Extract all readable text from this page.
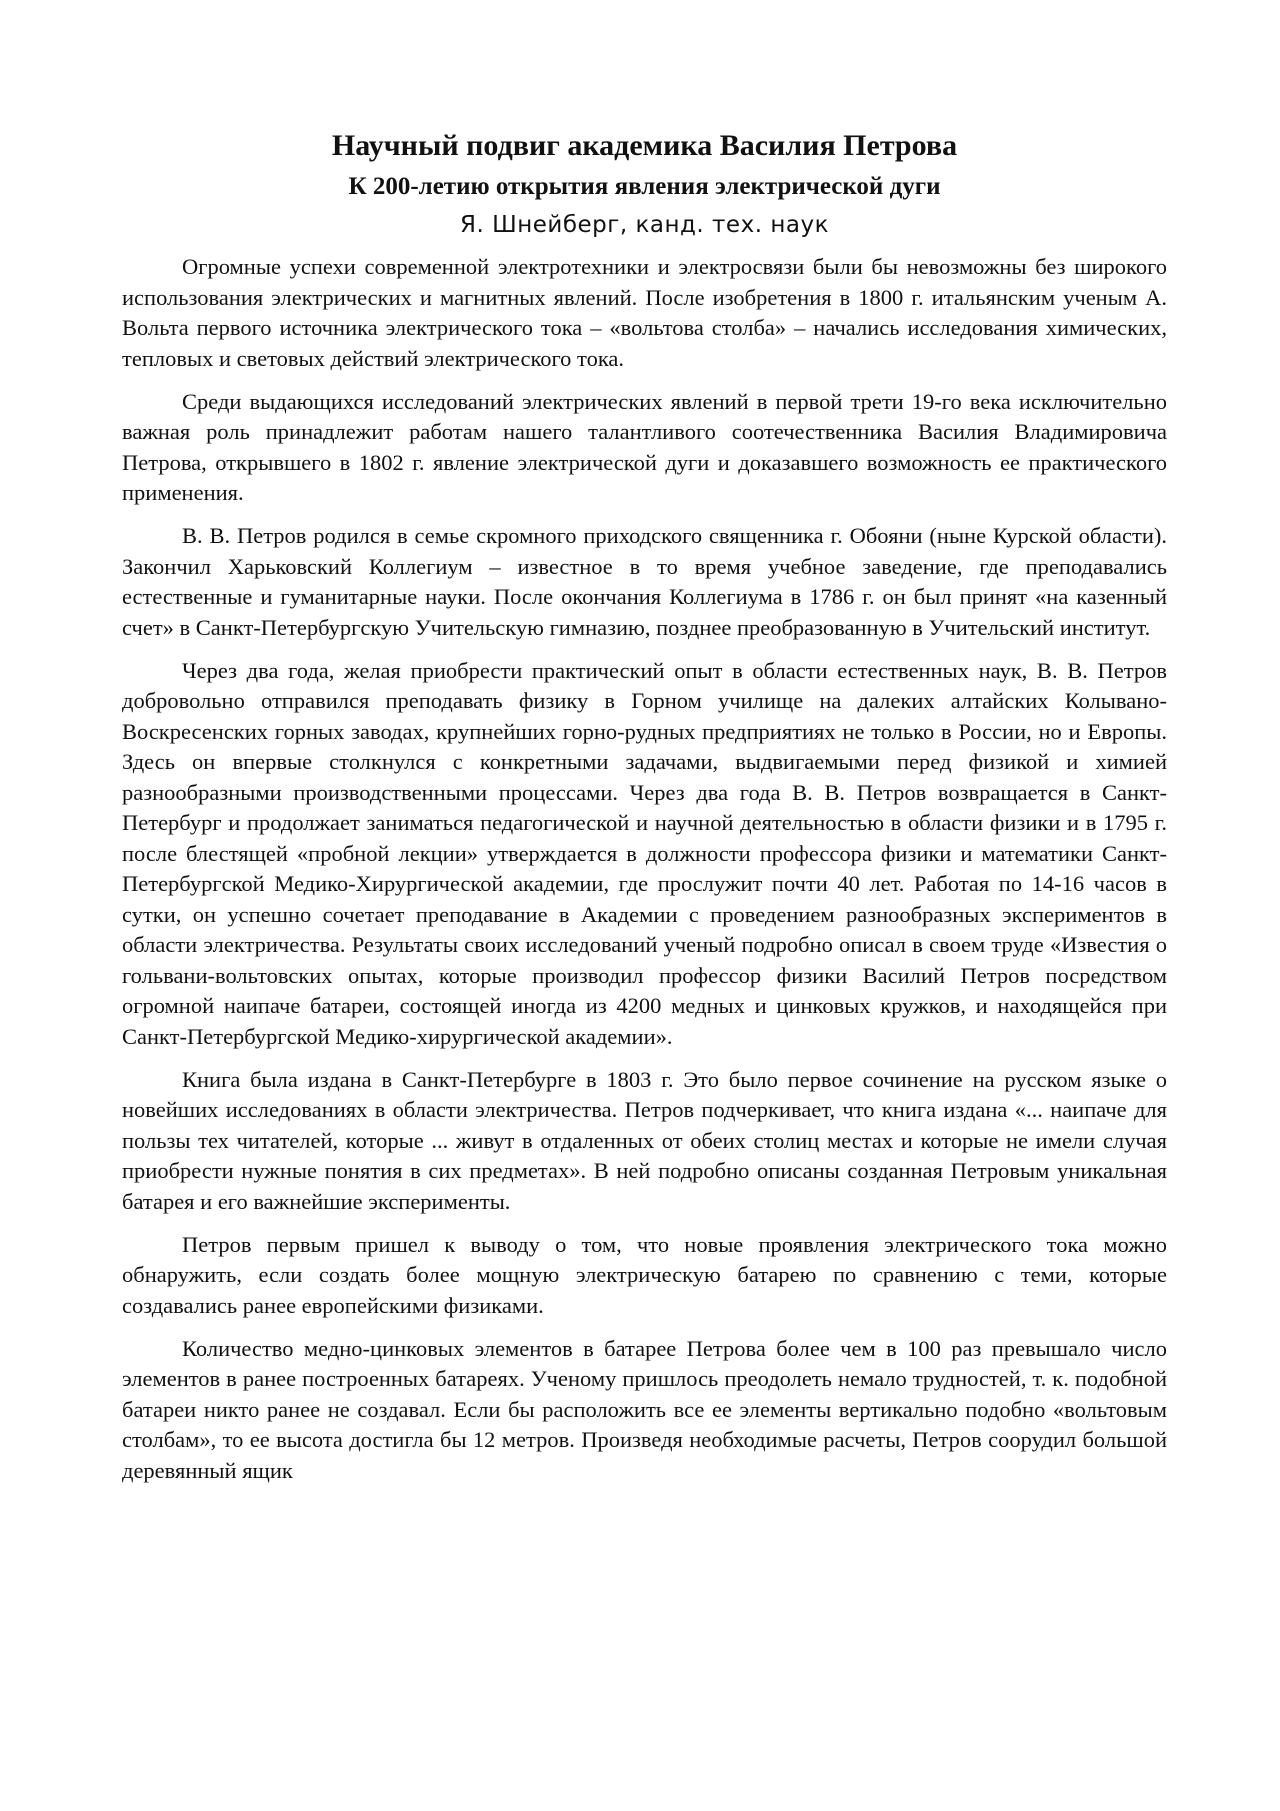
Научный подвиг академика Василия Петрова
К 200-летию открытия явления электрической дуги
Я. Шнейберг, канд. тех. наук

Огромные успехи современной электротехники и электросвязи были бы невозможны без широкого использования электрических и магнитных явлений. После изобретения в 1800 г. итальянским ученым А. Вольта первого источника электрического тока – «вольтова столба» – начались исследования химических, тепловых и световых действий электрического тока.

Среди выдающихся исследований электрических явлений в первой трети 19-го века исключительно важная роль принадлежит работам нашего талантливого соотечественника Василия Владимировича Петрова, открывшего в 1802 г. явление электрической дуги и доказавшего возможность ее практического применения.

В. В. Петров родился в семье скромного приходского священника г. Обояни (ныне Курской области). Закончил Харьковский Коллегиум – известное в то время учебное заведение, где преподавались естественные и гуманитарные науки. После окончания Коллегиума в 1786 г. он был принят «на казенный счет» в Санкт-Петербургскую Учительскую гимназию, позднее преобразованную в Учительский институт.

Через два года, желая приобрести практический опыт в области естественных наук, В. В. Петров добровольно отправился преподавать физику в Горном училище на далеких алтайских Колывано-Воскресенских горных заводах, крупнейших горно-рудных предприятиях не только в России, но и Европы. Здесь он впервые столкнулся с конкретными задачами, выдвигаемыми перед физикой и химией разнообразными производственными процессами. Через два года В. В. Петров возвращается в Санкт-Петербург и продолжает заниматься педагогической и научной деятельностью в области физики и в 1795 г. после блестящей «пробной лекции» утверждается в должности профессора физики и математики Санкт-Петербургской Медико-Хирургической академии, где прослужит почти 40 лет. Работая по 14-16 часов в сутки, он успешно сочетает преподавание в Академии с проведением разнообразных экспериментов в области электричества. Результаты своих исследований ученый подробно описал в своем труде «Известия о гольвани-вольтовских опытах, которые производил профессор физики Василий Петров посредством огромной наипаче батареи, состоящей иногда из 4200 медных и цинковых кружков, и находящейся при Санкт-Петербургской Медико-хирургической академии».

Книга была издана в Санкт-Петербурге в 1803 г. Это было первое сочинение на русском языке о новейших исследованиях в области электричества. Петров подчеркивает, что книга издана «... наипаче для пользы тех читателей, которые ... живут в отдаленных от обеих столиц местах и которые не имели случая приобрести нужные понятия в сих предметах». В ней подробно описаны созданная Петровым уникальная батарея и его важнейшие эксперименты.

Петров первым пришел к выводу о том, что новые проявления электрического тока можно обнаружить, если создать более мощную электрическую батарею по сравнению с теми, которые создавались ранее европейскими физиками.

Количество медно-цинковых элементов в батарее Петрова более чем в 100 раз превышало число элементов в ранее построенных батареях. Ученому пришлось преодолеть немало трудностей, т. к. подобной батареи никто ранее не создавал. Если бы расположить все ее элементы вертикально подобно «вольтовым столбам», то ее высота достигла бы 12 метров. Произведя необходимые расчеты, Петров соорудил большой деревянный ящик
